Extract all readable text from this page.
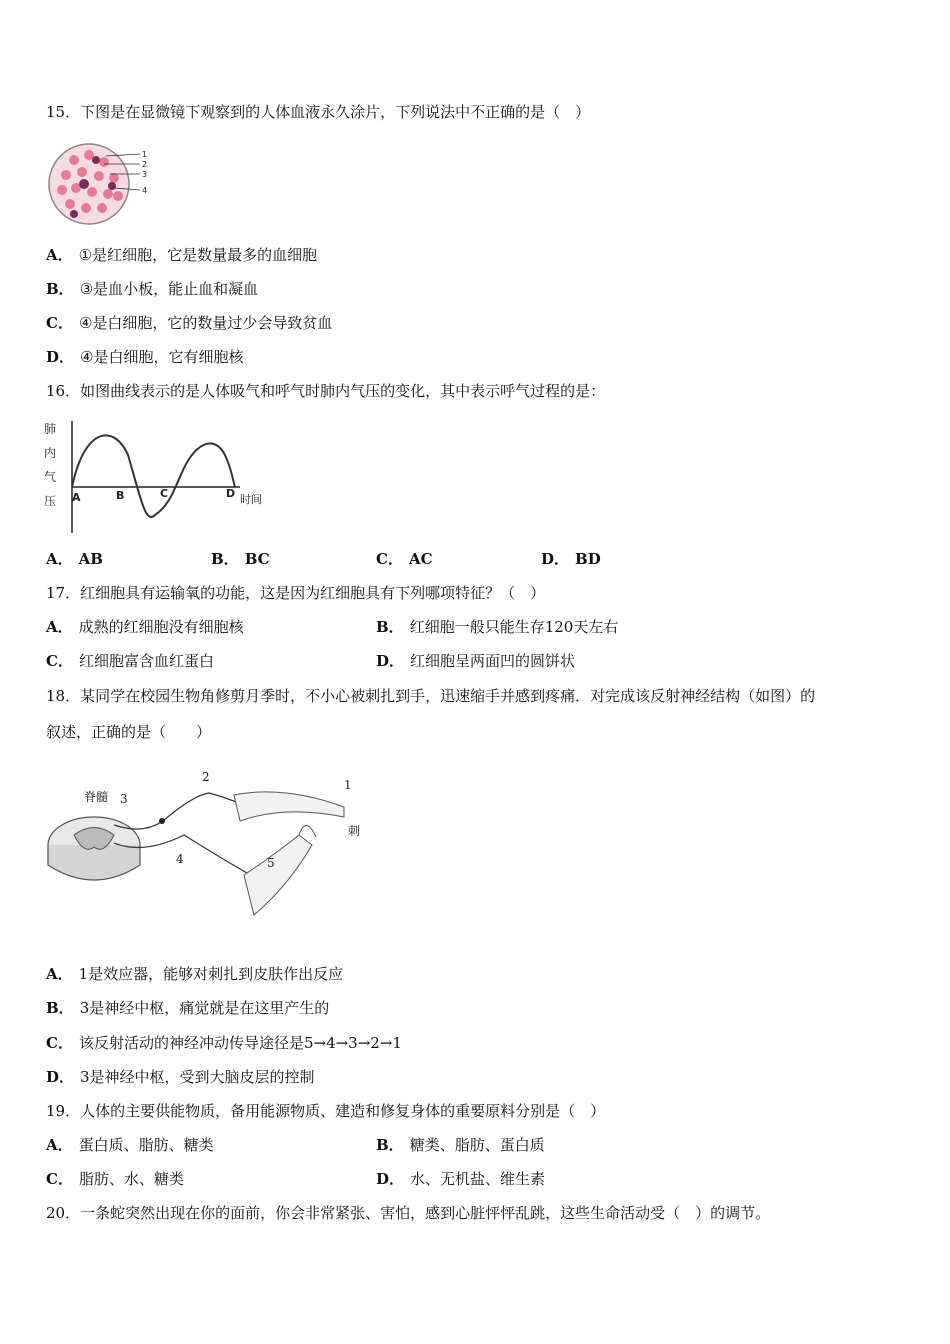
15．下图是在显微镜下观察到的人体血液永久涂片，下列说法中不正确的是（　）
1
2
3
4
A． ①是红细胞，它是数量最多的血细胞
B． ③是血小板，能止血和凝血
C． ④是白细胞，它的数量过少会导致贫血
D． ④是白细胞，它有细胞核
16．如图曲线表示的是人体吸气和呼气时肺内气压的变化，其中表示呼气过程的是：
肺
内
气
压 A	B	C	D 时间
A． AB	B． BC	C． AC	D． BD
17．红细胞具有运输氧的功能，这是因为红细胞具有下列哪项特征？（　）
A． 成熟的红细胞没有细胞核	B． 红细胞一般只能生存120天左右
C． 红细胞富含血红蛋白	D． 红细胞呈两面凹的圆饼状
18．某同学在校园生物角修剪月季时，不小心被刺扎到手，迅速缩手并感到疼痛．对完成该反射神经结构（如图）的
叙述，正确的是（　　）
脊髓 3
2
4	5
1
刺
A． 1是效应器，能够对刺扎到皮肤作出反应
B． 3是神经中枢，痛觉就是在这里产生的
C． 该反射活动的神经冲动传导途径是5→4→3→2→1
D． 3是神经中枢，受到大脑皮层的控制
19．人体的主要供能物质，备用能源物质、建造和修复身体的重要原料分别是（　）
A． 蛋白质、脂肪、糖类	B． 糖类、脂肪、蛋白质
C． 脂肪、水、糖类	D． 水、无机盐、维生素
20．一条蛇突然出现在你的面前，你会非常紧张、害怕，感到心脏怦怦乱跳，这些生命活动受（　）的调节。
